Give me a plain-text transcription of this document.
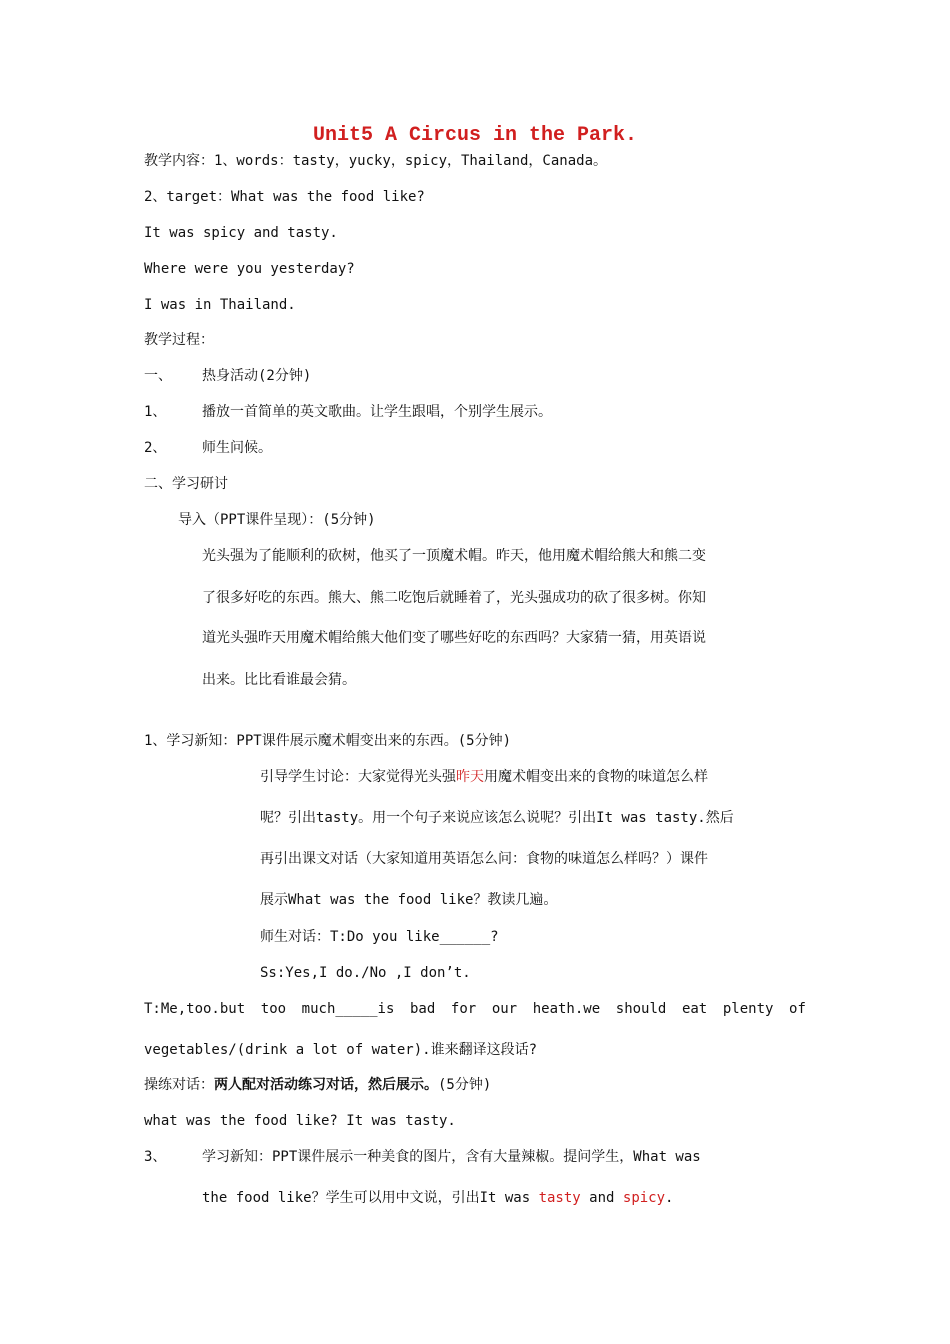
Unit5 A Circus in the Park.
教学内容：1、words：tasty，yucky，spicy，Thailand，Canada。
2、target：What was the food like?
It was spicy and tasty.
Where were you yesterday?
I was in Thailand.
教学过程：
一、 热身活动(2分钟)
1、	播放一首简单的英文歌曲。让学生跟唱，个别学生展示。
2、	师生问候。
二、学习研讨
导入（PPT课件呈现）：(5分钟)
光头强为了能顺利的砍树，他买了一顶魔术帽。昨天，他用魔术帽给熊大和熊二变
了很多好吃的东西。熊大、熊二吃饱后就睡着了，光头强成功的砍了很多树。你知
道光头强昨天用魔术帽给熊大他们变了哪些好吃的东西吗？大家猜一猜，用英语说
出来。比比看谁最会猜。
1、学习新知：PPT课件展示魔术帽变出来的东西。(5分钟)
引导学生讨论：大家觉得光头强昨天用魔术帽变出来的食物的味道怎么样
呢？引出tasty。用一个句子来说应该怎么说呢？引出It was tasty.然后
再引出课文对话（大家知道用英语怎么问：食物的味道怎么样吗？）课件
展示What was the food like？教读几遍。
师生对话：T:Do you like______?
Ss:Yes,I do./No ,I don’t.
T:Me,too.but too much_____is bad for our heath.we should eat plenty of
vegetables/(drink a lot of water).谁来翻译这段话?
操练对话：两人配对活动练习对话，然后展示。(5分钟)
what was the food like? It was tasty.
3、	学习新知：PPT课件展示一种美食的图片，含有大量辣椒。提问学生，What was
the food like？学生可以用中文说，引出It was tasty and spicy.
